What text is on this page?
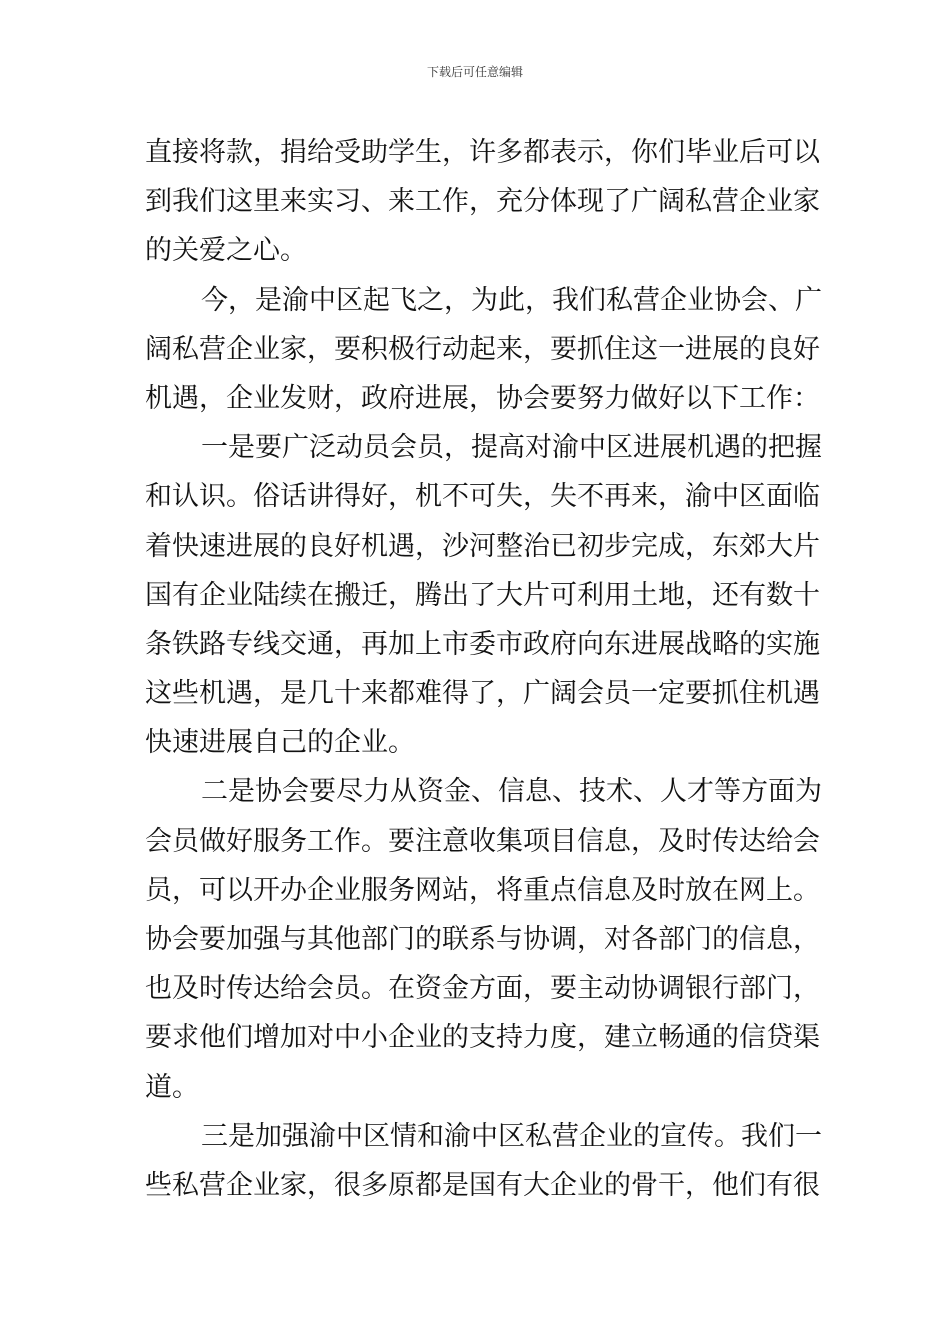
下载后可任意编辑
直接将款，捐给受助学生，许多都表示，你们毕业后可以
到我们这里来实习、来工作，充分体现了广阔私营企业家
的关爱之心。
今，是渝中区起飞之，为此，我们私营企业协会、广
阔私营企业家，要积极行动起来，要抓住这一进展的良好
机遇，企业发财，政府进展，协会要努力做好以下工作：
一是要广泛动员会员，提高对渝中区进展机遇的把握
和认识。俗话讲得好，机不可失，失不再来，渝中区面临
着快速进展的良好机遇，沙河整治已初步完成，东郊大片
国有企业陆续在搬迁，腾出了大片可利用土地，还有数十
条铁路专线交通，再加上市委市政府向东进展战略的实施
这些机遇，是几十来都难得了，广阔会员一定要抓住机遇
快速进展自己的企业。
二是协会要尽力从资金、信息、技术、人才等方面为
会员做好服务工作。要注意收集项目信息，及时传达给会
员，可以开办企业服务网站，将重点信息及时放在网上。
协会要加强与其他部门的联系与协调，对各部门的信息，
也及时传达给会员。在资金方面，要主动协调银行部门，
要求他们增加对中小企业的支持力度，建立畅通的信贷渠
道。
三是加强渝中区情和渝中区私营企业的宣传。我们一
些私营企业家，很多原都是国有大企业的骨干，他们有很
